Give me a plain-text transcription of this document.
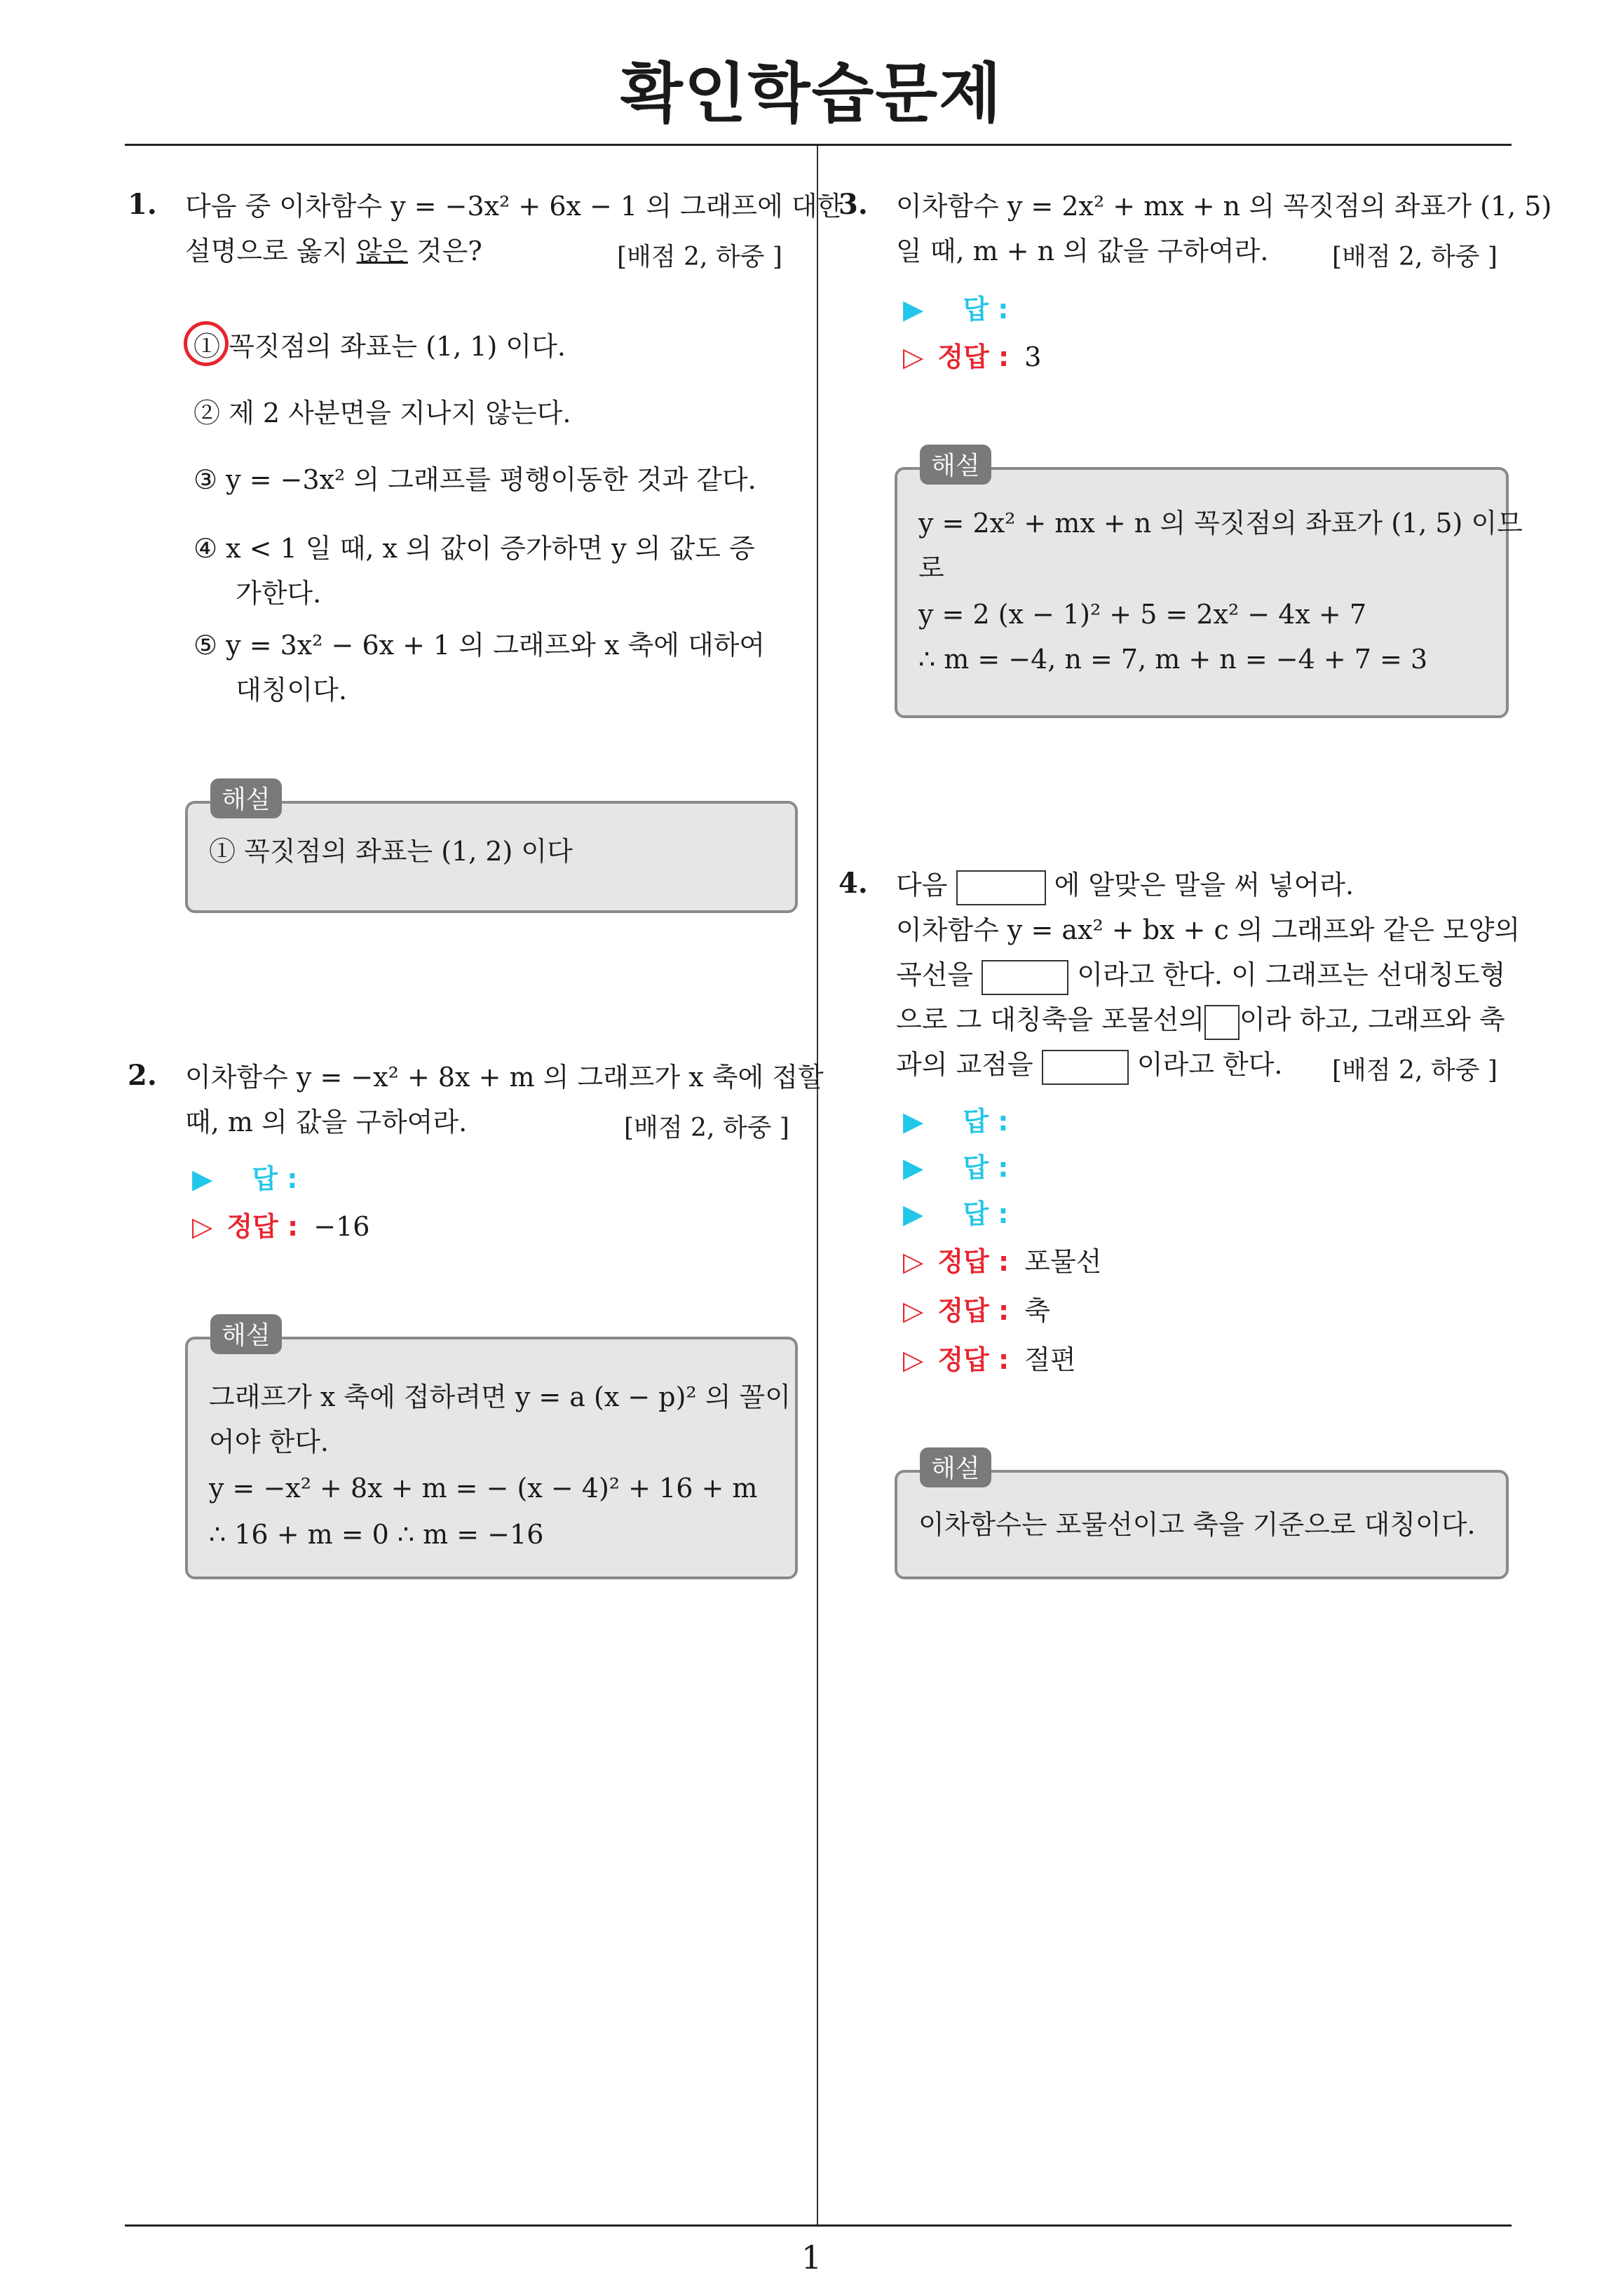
확인학습문제
1
1. 다음 중 이차함수 y = −3x² + 6x − 1 의 그래프에 대한
설명으로 옳지 않은 것은?	[배점 2, 하중 ]
① 꼭짓점의 좌표는 (1, 1) 이다.
② 제 2 사분면을 지나지 않는다.
③ y = −3x² 의 그래프를 평행이동한 것과 같다.
④ x < 1 일 때, x 의 값이 증가하면 y 의 값도 증
가한다.
⑤ y = 3x² − 6x + 1 의 그래프와 x 축에 대하여
대칭이다.
① 꼭짓점의 좌표는 (1, 2) 이다
해설
2. 이차함수 y = −x² + 8x + m 의 그래프가 x 축에 접할
때, m 의 값을 구하여라.	[배점 2, 하중 ]
▶ 답 :
▷ 정답 : −16
그래프가 x 축에 접하려면 y = a (x − p)² 의 꼴이
어야 한다.
y = −x² + 8x + m = − (x − 4)² + 16 + m
∴ 16 + m = 0 ∴ m = −16
해설
3. 이차함수 y = 2x² + mx + n 의 꼭짓점의 좌표가 (1, 5)
일 때, m + n 의 값을 구하여라.	[배점 2, 하중 ]
▶ 답 :
▷ 정답 : 3
y = 2x² + mx + n 의 꼭짓점의 좌표가 (1, 5) 이므
로
y = 2 (x − 1)² + 5 = 2x² − 4x + 7
∴ m = −4, n = 7, m + n = −4 + 7 = 3
해설
4. 다음	에 알맞은 말을 써 넣어라.
이차함수 y = ax² + bx + c 의 그래프와 같은 모양의
곡선을	이라고 한다. 이 그래프는 선대칭도형
으로 그 대칭축을 포물선의 이라 하고, 그래프와 축
과의 교점을	이라고 한다. [배점 2, 하중 ]
▶ 답 :
▶ 답 :
▶ 답 :
▷ 정답 : 포물선
▷ 정답 : 축
▷ 정답 : 절편
이차함수는 포물선이고 축을 기준으로 대칭이다.
해설
